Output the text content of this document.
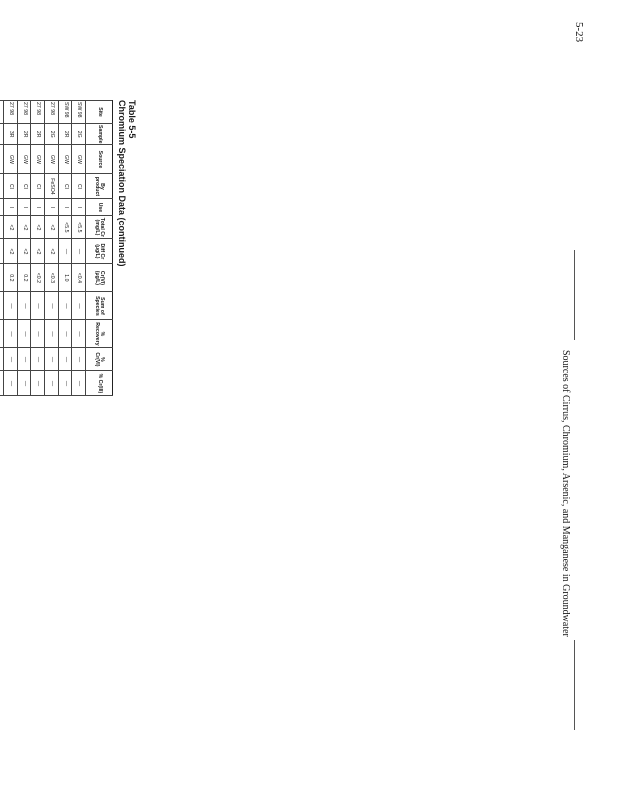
5-23
Sources of Cirrus, Chromium, Arsenic, and Manganese in Groundwater
Table 5-5
Chromium Speciation Data (continued)
Site	Sample	Source	By product	Use	Total Cr (mg/L)	Diff Cr (µg/L)	Cr(VI) (µg/L)	Sum of Species	% Recovery	% Cr(VI)	% Cr(III)
SW 98	2G	GW	Cl	I	<5.5	—	<0.4	—	—	—	—
SW 98	2R	GW	Cl	I	<5.5	—	1.0	—	—	—	—
27 98	2G	GW	FeSO4	I	<2	<2	<0.3	—	—	—	—
27 98	2R	GW	Cl	I	<2	<2	<0.2	—	—	—	—
27 98	2R	GW	Cl	I	<2	<2	0.2	—	—	—	—
27 98	3R	GW	Cl	I	<2	<2	0.2	—	—	—	—
